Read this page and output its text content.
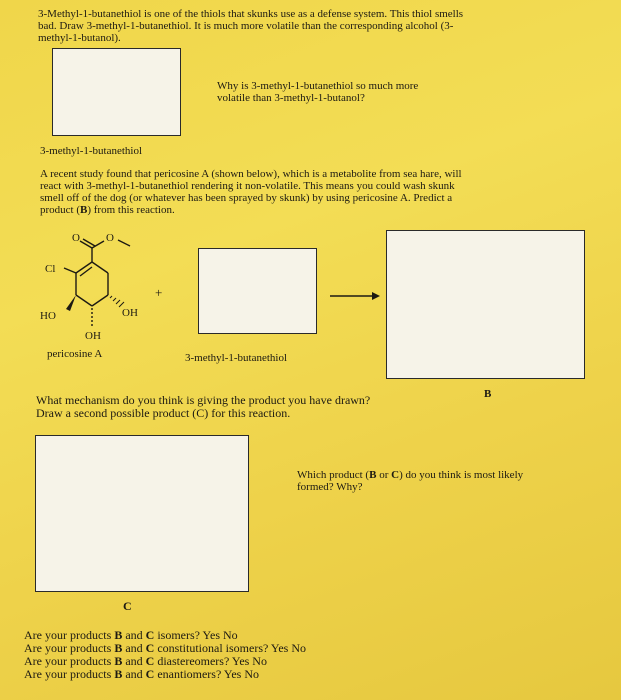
3-Methyl-1-butanethiol is one of the thiols that skunks use as a defense system. This thiol smells
bad. Draw 3-methyl-1-butanethiol. It is much more volatile than the corresponding alcohol (3-
methyl-1-butanol).
Why is 3-methyl-1-butanethiol so much more
volatile than 3-methyl-1-butanol?
3-methyl-1-butanethiol
A recent study found that pericosine A (shown below), which is a metabolite from sea hare, will
react with 3-methyl-1-butanethiol rendering it non-volatile. This means you could wash skunk
smell off of the dog (or whatever has been sprayed by skunk) by using pericosine A. Predict a
product (B) from this reaction.
O O
Cl
HO	OH
OH
pericosine A
+
3-methyl-1-butanethiol
B
What mechanism do you think is giving the product you have drawn?
Draw a second possible product (C) for this reaction.
C
Which product (B or C) do you think is most likely
formed? Why?
Are your products B and C isomers? Yes No
Are your products B and C constitutional isomers? Yes No
Are your products B and C diastereomers? Yes No
Are your products B and C enantiomers? Yes No
